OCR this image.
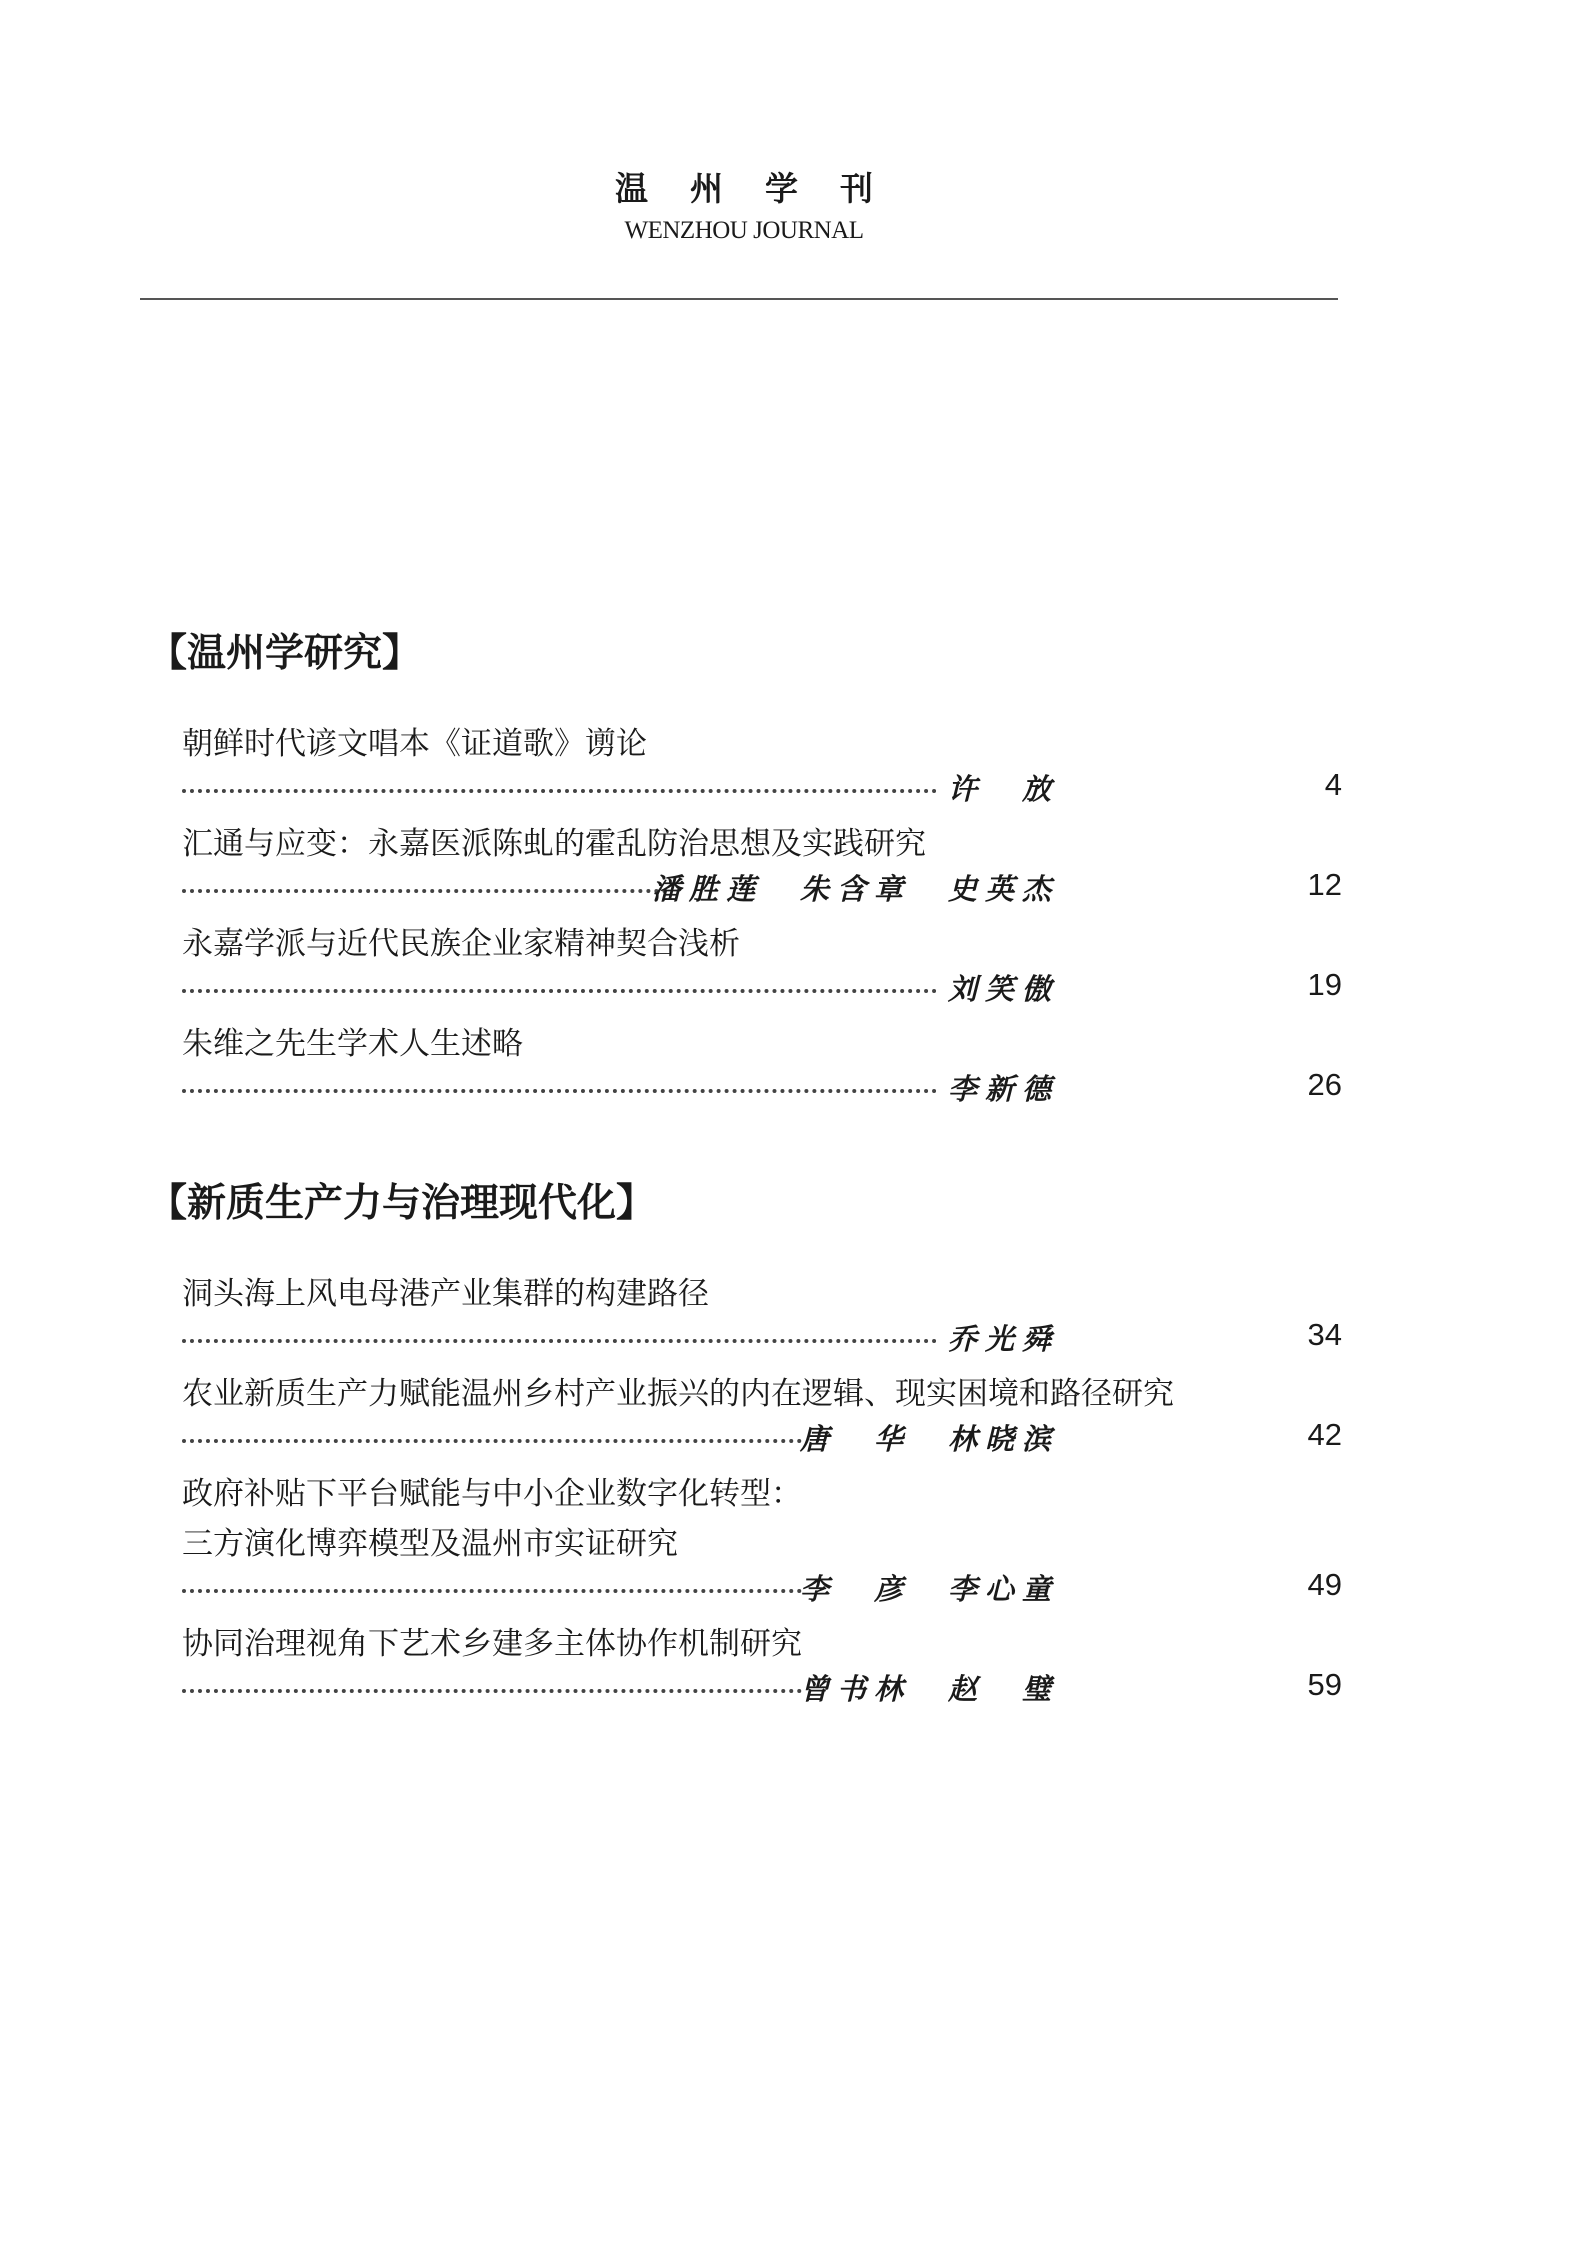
温州学刊
WENZHOU JOURNAL
【温州学研究】
朝鲜时代谚文唱本《证道歌》谫论
许　放	4
汇通与应变：永嘉医派陈虬的霍乱防治思想及实践研究
潘胜莲　朱含章　史英杰	12
永嘉学派与近代民族企业家精神契合浅析
刘笑傲	19
朱维之先生学术人生述略
李新德	26
【新质生产力与治理现代化】
洞头海上风电母港产业集群的构建路径
乔光舜	34
农业新质生产力赋能温州乡村产业振兴的内在逻辑、现实困境和路径研究
唐　华　林晓滨	42
政府补贴下平台赋能与中小企业数字化转型：
三方演化博弈模型及温州市实证研究
李　彦　李心童	49
协同治理视角下艺术乡建多主体协作机制研究
曾书林　赵　璧	59
